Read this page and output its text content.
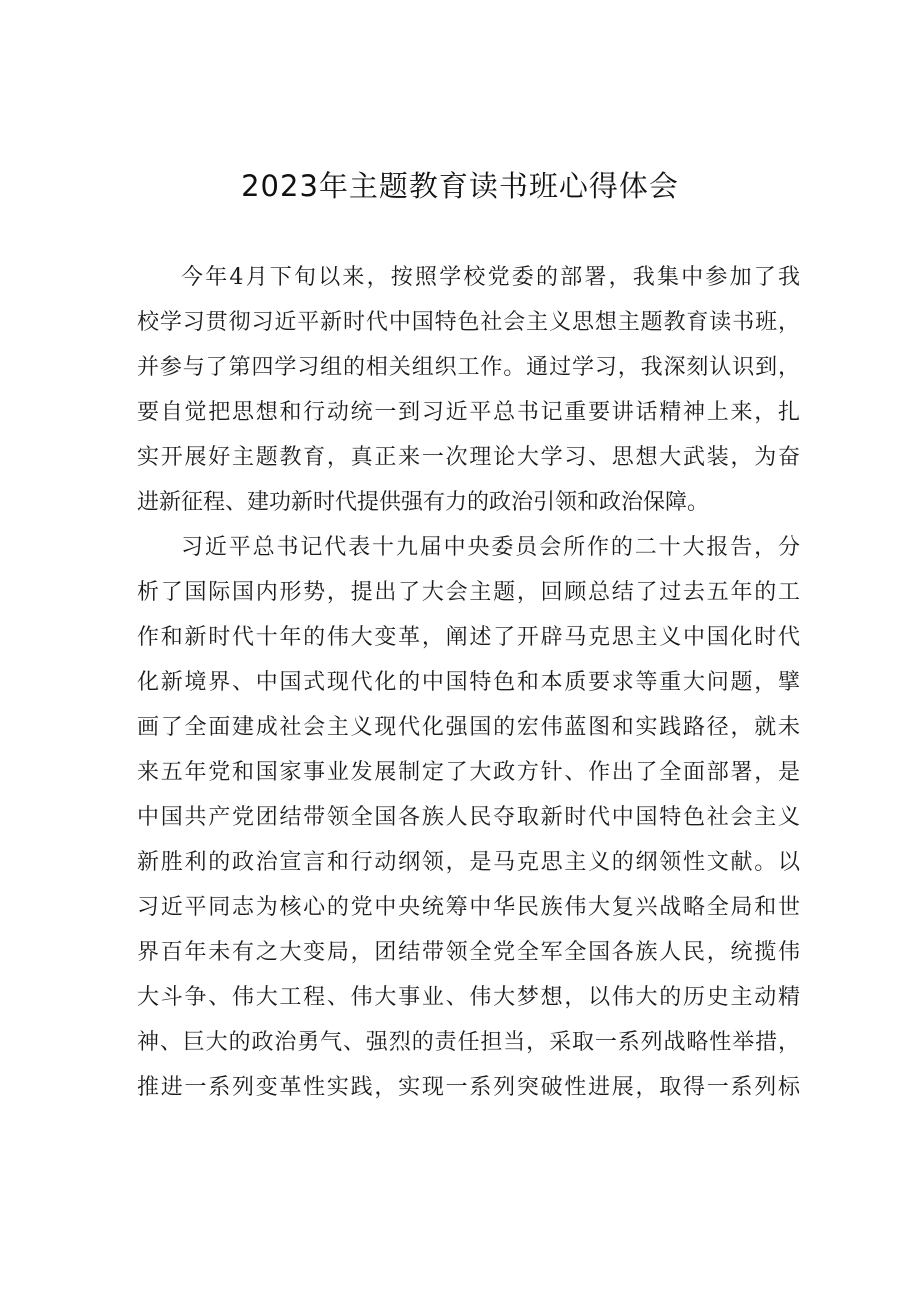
2023年主题教育读书班心得体会
今年4月下旬以来，按照学校党委的部署，我集中参加了我
校学习贯彻习近平新时代中国特色社会主义思想主题教育读书班，
并参与了第四学习组的相关组织工作。通过学习，我深刻认识到，
要自觉把思想和行动统一到习近平总书记重要讲话精神上来，扎
实开展好主题教育，真正来一次理论大学习、思想大武装，为奋
进新征程、建功新时代提供强有力的政治引领和政治保障。
习近平总书记代表十九届中央委员会所作的二十大报告，分
析了国际国内形势，提出了大会主题，回顾总结了过去五年的工
作和新时代十年的伟大变革，阐述了开辟马克思主义中国化时代
化新境界、中国式现代化的中国特色和本质要求等重大问题，擘
画了全面建成社会主义现代化强国的宏伟蓝图和实践路径，就未
来五年党和国家事业发展制定了大政方针、作出了全面部署，是
中国共产党团结带领全国各族人民夺取新时代中国特色社会主义
新胜利的政治宣言和行动纲领，是马克思主义的纲领性文献。以
习近平同志为核心的党中央统筹中华民族伟大复兴战略全局和世
界百年未有之大变局，团结带领全党全军全国各族人民，统揽伟
大斗争、伟大工程、伟大事业、伟大梦想，以伟大的历史主动精
神、巨大的政治勇气、强烈的责任担当，采取一系列战略性举措，
推进一系列变革性实践，实现一系列突破性进展，取得一系列标
